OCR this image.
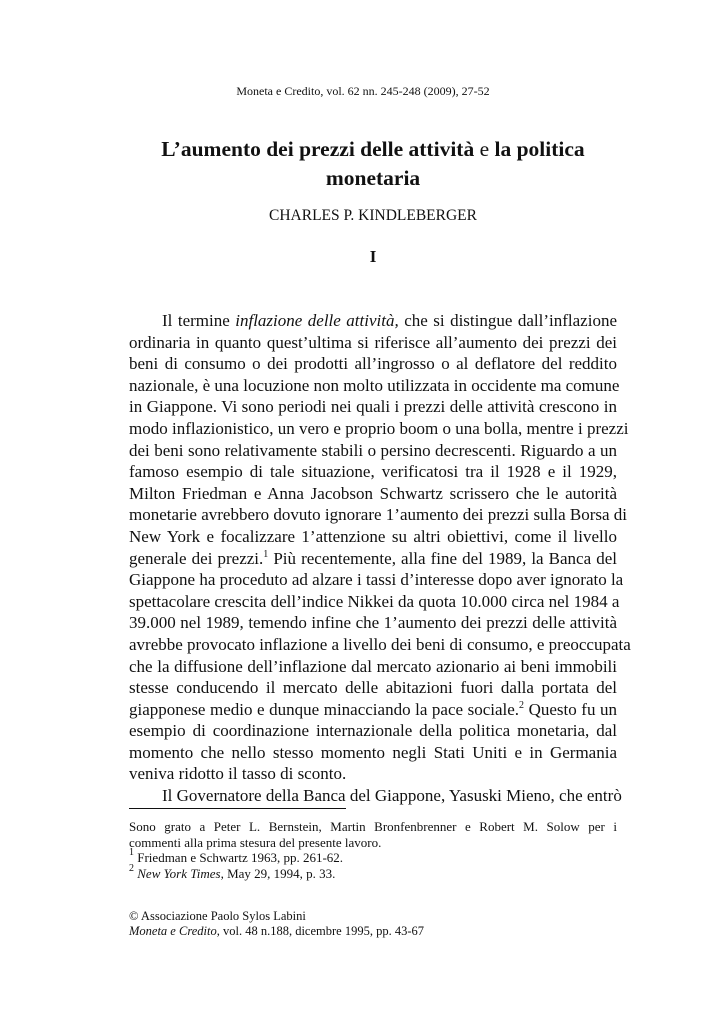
Moneta e Credito, vol. 62 nn. 245-248 (2009), 27-52
L’aumento dei prezzi delle attività e la politica
monetaria
CHARLES P. KINDLEBERGER
I
Il termine inflazione delle attività, che si distingue dall’inflazione
ordinaria in quanto quest’ultima si riferisce all’aumento dei prezzi dei
beni di consumo o dei prodotti all’ingrosso o al deflatore del reddito
nazionale, è una locuzione non molto utilizzata in occidente ma comune
in Giappone. Vi sono periodi nei quali i prezzi delle attività crescono in
modo inflazionistico, un vero e proprio boom o una bolla, mentre i prezzi
dei beni sono relativamente stabili o persino decrescenti. Riguardo a un
famoso esempio di tale situazione, verificatosi tra il 1928 e il 1929,
Milton Friedman e Anna Jacobson Schwartz scrissero che le autorità
monetarie avrebbero dovuto ignorare 1’aumento dei prezzi sulla Borsa di
New York e focalizzare 1’attenzione su altri obiettivi, come il livello
generale dei prezzi.$^1$ Più recentemente, alla fine del 1989, la Banca del
Giappone ha proceduto ad alzare i tassi d’interesse dopo aver ignorato la
spettacolare crescita dell’indice Nikkei da quota 10.000 circa nel 1984 a
39.000 nel 1989, temendo infine che 1’aumento dei prezzi delle attività
avrebbe provocato inflazione a livello dei beni di consumo, e preoccupata
che la diffusione dell’inflazione dal mercato azionario ai beni immobili
stesse conducendo il mercato delle abitazioni fuori dalla portata del
giapponese medio e dunque minacciando la pace sociale.$^2$ Questo fu un
esempio di coordinazione internazionale della politica monetaria, dal
momento che nello stesso momento negli Stati Uniti e in Germania
veniva ridotto il tasso di sconto.
Il Governatore della Banca del Giappone, Yasuski Mieno, che entrò
Sono grato a Peter L. Bernstein, Martin Bronfenbrenner e Robert M. Solow per i
commenti alla prima stesura del presente lavoro.
$^1$ Friedman e Schwartz 1963, pp. 261-62.
$^2$ New York Times, May 29, 1994, p. 33.
© Associazione Paolo Sylos Labini
Moneta e Credito, vol. 48 n.188, dicembre 1995, pp. 43-67
